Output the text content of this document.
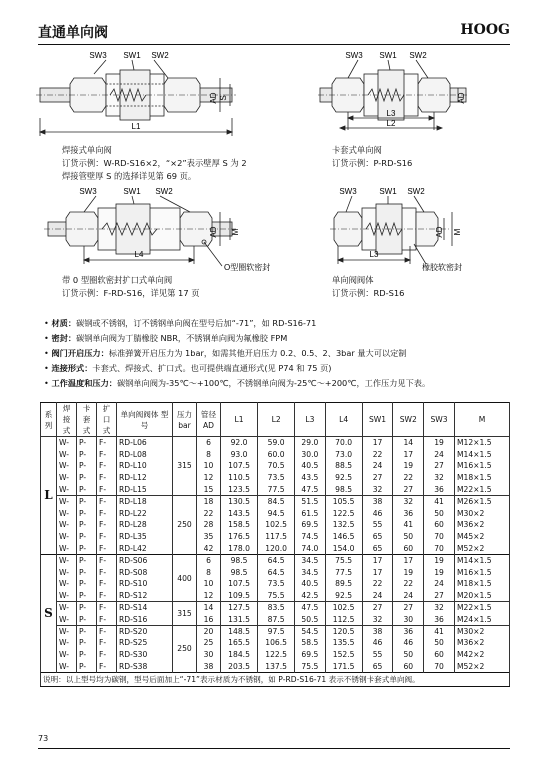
直通单向阀	HOOG
SW3 SW1 SW2
AD S
L1
SW3 SW1 SW2
AD
L3
L2
焊接式单向阀
订货示例：W-RD-S16×2，“×2”表示壁厚 S 为 2
焊接管壁厚 S 的选择详见第 69 页。
卡套式单向阀
订货示例：P-RD-S16
SW3	SW1 SW2
AD M
L4
O型圈软密封
SW3	SW1 SW2
AD M
L3
橡胶软密封
带 0 型圈软密封扩口式单向阀
订货示例：F-RD-S16，详见第 17 页
单向阀阀体
订货示例：RD-S16
• 材质：碳钢或不锈钢，订不锈钢单向阀在型号后加“-71”，如 RD-S16-71
• 密封：碳钢单向阀为丁腈橡胶 NBR，不锈钢单向阀为氟橡胶 FPM
• 阀门开启压力：标准弹簧开启压力为 1bar，如需其他开启压力 0.2、0.5、2、3bar 量大可以定制
• 连接形式：卡套式、焊接式、扩口式。也可提供端直通形式(见 P74 和 75 页)
• 工作温度和压力：碳钢单向阀为-35℃～+100℃，不锈钢单向阀为-25℃～+200℃，工作压力见下表。
系 列	焊接 式	卡套 式	扩口 式	单向阀阀体 型 号	压力 bar	管径 AD	L1	L2	L3	L4	SW1	SW2	SW3	M
L	W-	P-	F-	RD-L06	315	6	92.0	59.0	29.0	70.0	17	14	19	M12×1.5
	W-	P-	F-	RD-L08		8	93.0	60.0	30.0	73.0	22	17	24	M14×1.5
	W-	P-	F-	RD-L10		10	107.5	70.5	40.5	88.5	24	19	27	M16×1.5
	W-	P-	F-	RD-L12		12	110.5	73.5	43.5	92.5	27	22	32	M18×1.5
	W-	P-	F-	RD-L15		15	123.5	77.5	47.5	98.5	32	27	36	M22×1.5
	W-	P-	F-	RD-L18	250	18	130.5	84.5	51.5	105.5	38	32	41	M26×1.5
	W-	P-	F-	RD-L22		22	143.5	94.5	61.5	122.5	46	36	50	M30×2
	W-	P-	F-	RD-L28		28	158.5	102.5	69.5	132.5	55	41	60	M36×2
	W-	P-	F-	RD-L35		35	176.5	117.5	74.5	146.5	65	50	70	M45×2
	W-	P-	F-	RD-L42		42	178.0	120.0	74.0	154.0	65	60	70	M52×2
S	W-	P-	F-	RD-S06	400	6	98.5	64.5	34.5	75.5	17	17	19	M14×1.5
	W-	P-	F-	RD-S08		8	98.5	64.5	34.5	77.5	17	19	19	M16×1.5
	W-	P-	F-	RD-S10		10	107.5	73.5	40.5	89.5	22	22	24	M18×1.5
	W-	P-	F-	RD-S12		12	109.5	75.5	42.5	92.5	24	24	27	M20×1.5
	W-	P-	F-	RD-S14	315	14	127.5	83.5	47.5	102.5	27	27	32	M22×1.5
	W-	P-	F-	RD-S16		16	131.5	87.5	50.5	112.5	32	30	36	M24×1.5
	W-	P-	F-	RD-S20	250	20	148.5	97.5	54.5	120.5	38	36	41	M30×2
	W-	P-	F-	RD-S25		25	165.5	106.5	58.5	135.5	46	46	50	M36×2
	W-	P-	F-	RD-S30		30	184.5	122.5	69.5	152.5	55	50	60	M42×2
	W-	P-	F-	RD-S38		38	203.5	137.5	75.5	171.5	65	60	70	M52×2
说明：以上型号均为碳钢，型号后面加上“-71”表示材质为不锈钢，如 P-RD-S16-71 表示不锈钢卡套式单向阀。														
73
